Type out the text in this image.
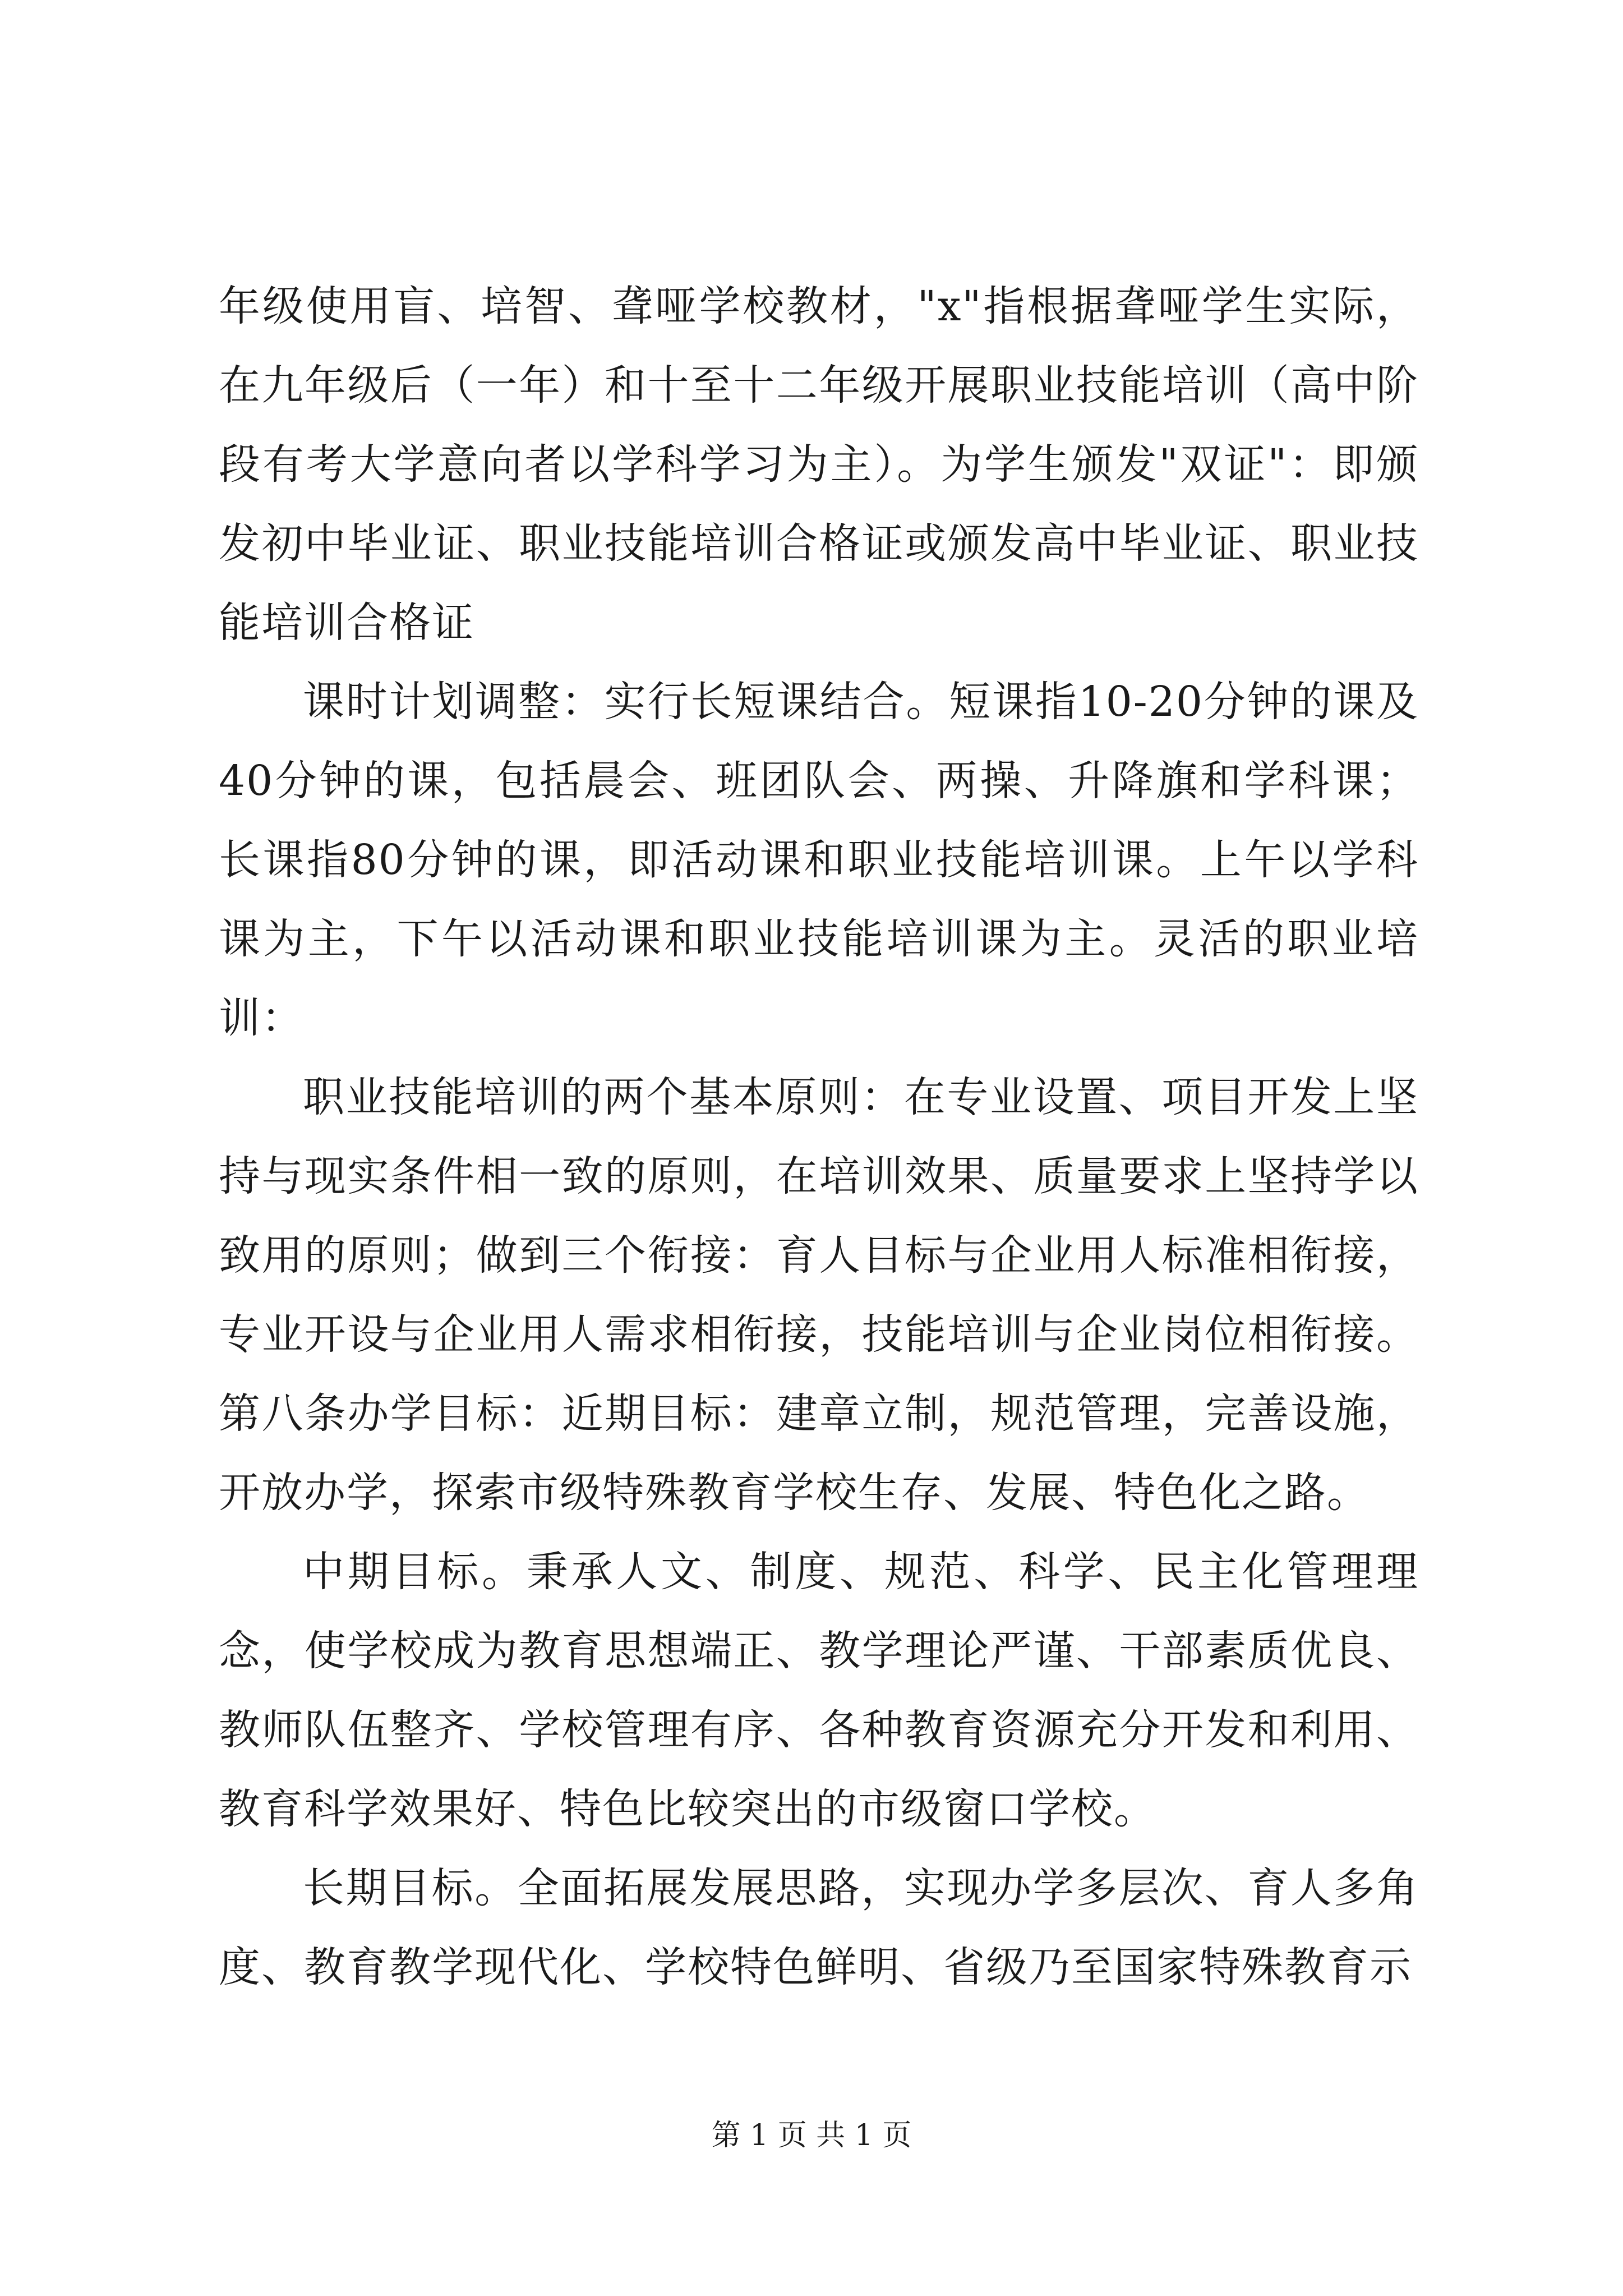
年级使用盲、培智、聋哑学校教材，"x"指根据聋哑学生实际，在九年级后（一年）和十至十二年级开展职业技能培训（高中阶段有考大学意向者以学科学习为主）。为学生颁发"双证"：即颁发初中毕业证、职业技能培训合格证或颁发高中毕业证、职业技能培训合格证

课时计划调整：实行长短课结合。短课指10-20分钟的课及40分钟的课，包括晨会、班团队会、两操、升降旗和学科课；长课指80分钟的课，即活动课和职业技能培训课。上午以学科课为主，下午以活动课和职业技能培训课为主。灵活的职业培训：

职业技能培训的两个基本原则：在专业设置、项目开发上坚持与现实条件相一致的原则，在培训效果、质量要求上坚持学以致用的原则；做到三个衔接：育人目标与企业用人标准相衔接，专业开设与企业用人需求相衔接，技能培训与企业岗位相衔接。第八条办学目标：近期目标：建章立制，规范管理，完善设施，开放办学，探索市级特殊教育学校生存、发展、特色化之路。

中期目标。秉承人文、制度、规范、科学、民主化管理理念，使学校成为教育思想端正、教学理论严谨、干部素质优良、教师队伍整齐、学校管理有序、各种教育资源充分开发和利用、教育科学效果好、特色比较突出的市级窗口学校。

长期目标。全面拓展发展思路，实现办学多层次、育人多角度、教育教学现代化、学校特色鲜明、省级乃至国家特殊教育示

第 1 页 共 1 页
